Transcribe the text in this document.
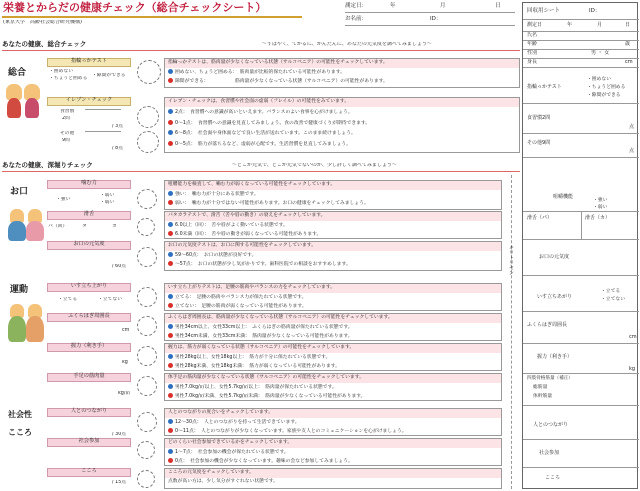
栄養とからだの健康チェック（総合チェックシート）
(東京大学　高齢社会総合研究機構)
測定日：	年	月	日
お名前：	ID：
あなたの健康、総合チェック	～すばやく、てがるに、かんたんに、あなたの元気度を調べてみましょう～
総合
指輪っかテスト
・囲めない
・ちょうど囲める
・隙間ができる
指輪っかテストは、筋肉量が少なくなっている状態（サルコペニア）の可能性をチェックしています。
囲めない、ちょうど囲める：　筋肉量が比較的保たれている可能性があります。
隙間ができる：　　　　　　筋肉量が少なくなっている状態（サルコペニア）の可能性があります。
イレブン・チェック
食習慣
2問
/ 3点
その他
9問
/ 8点
イレブン・チェックは、食習慣や社会面の虚弱（フレイル）の可能性をみています。
2点：　食習慣への意識が高いといえます。バランスのよい食事を心がけましょう。
0～1点：　食習慣への意識を見直してみましょう。食の改善で健康づくりが期待できます。
6～8点：　社会面や身体面などで良い生活が送れています。このまま続けましょう。
0～5点：　筋力が落ちるなど、虚弱が心配です。生活習慣を見直してみましょう。
あなたの健康、深堀りチェック	～どこが元気で、どこが元気でないのか、少し詳しく調べてみましょう～
お口
噛む力
・強い
・弱い
・弱い
咀嚼能力を検査して、噛む力が弱くなっている可能性をチェックしています。
強い：　噛む力が十分にある状態です。
弱い：　噛む力が十分ではない可能性があります。お口の健康をチェックしてみましょう。
滑舌
パ（回）	タ	カ
パタカラテストで、滑舌（舌や唇の動き）の衰えをチェックしています。
6.0以上（回）：　舌や唇がよく動いている状態です。
6.0未満（回）：　舌や唇の動きが弱くなっている可能性があります。
お口の元気度
/ 60点
お口の元気度テストは、お口に関する可能性をチェックしています。
59～60点：　お口の状態が良好です。
～57点：　お口の状態が少し気がかりです。歯科医院での相談をおすすめします。
運動	いす立ち上がり
・立てる	・立てない
いす立ち上がりテストは、足腰の筋肉やバランスの力をチェックしています。
立てる：　足腰の筋肉やバランス力が保たれている状態です。
立てない：　足腰の筋肉が弱くなっている可能性があります。
ふくらはぎ周囲長
cm
ふくらはぎ周囲長は、筋肉量が少なくなっている状態（サルコペニア）の可能性をチェックしています。
男性34cm以上、女性33cm以上：　ふくらはぎの筋肉量が保たれている状態です。
男性34cm未満、女性33cm未満：　筋肉量が少なくなっている可能性があります。
握力（利き手）
kg
握力は、筋力が弱くなっている状態（サルコペニア）の可能性をチェックしています。
男性28kg以上、女性18kg以上：　筋力が十分に保たれている状態です。
男性28kg未満、女性18kg未満：　筋力が弱くなっている可能性があります。
手足の筋肉量
kg/㎡
体手足の筋肉量が少なくなっている状態（サルコペニア）の可能性をチェックしています。
男性7.0kg/㎡以上、女性5.7kg/㎡以上：　筋肉量が保たれている状態です。
男性7.0kg/㎡未満、女性5.7kg/㎡未満：　筋肉量が少なくなっている可能性があります。
社会性
こころ
人とのつながり
/ 30点
人とのつながりの度合いをチェックしています。
12～30点：　人とのつながりを持って生活できています。
0～11点：　人とのつながりが少なくなっています。家族や友人とのコミュニケーションを心がけましょう。
社会参加	どのくらい社会参加できているかをチェックしています。
1～7点：　社会参加の機会が保たれている状態です。
0点：　社会参加の機会が少なくなっています。趣味の会など参加してみましょう。
こころ
/ 15点
こころの元気度をチェックしています。
点数が高い方は、少し気分がすぐれない状態です。
キリトリセン
回収用シート	ID：
測定日	年	月	日
氏名
年齢	歳
性別	男 ・ 女
身長	cm
指輪っかテスト
・囲めない
・ちょうど囲める
・隙間ができる
食習慣2問
点
その他9問
点
咀嚼機能
・強い
・弱い
滑舌（パ）	滑舌（カ）
お口の元気度
いす立ちあがり
・立てる
・立てない
ふくらはぎ周囲長
cm
握力（利き手）
kg
四肢骨格筋量（補正）
総筋量
体幹筋量
人とのつながり
社会参加
こころ
